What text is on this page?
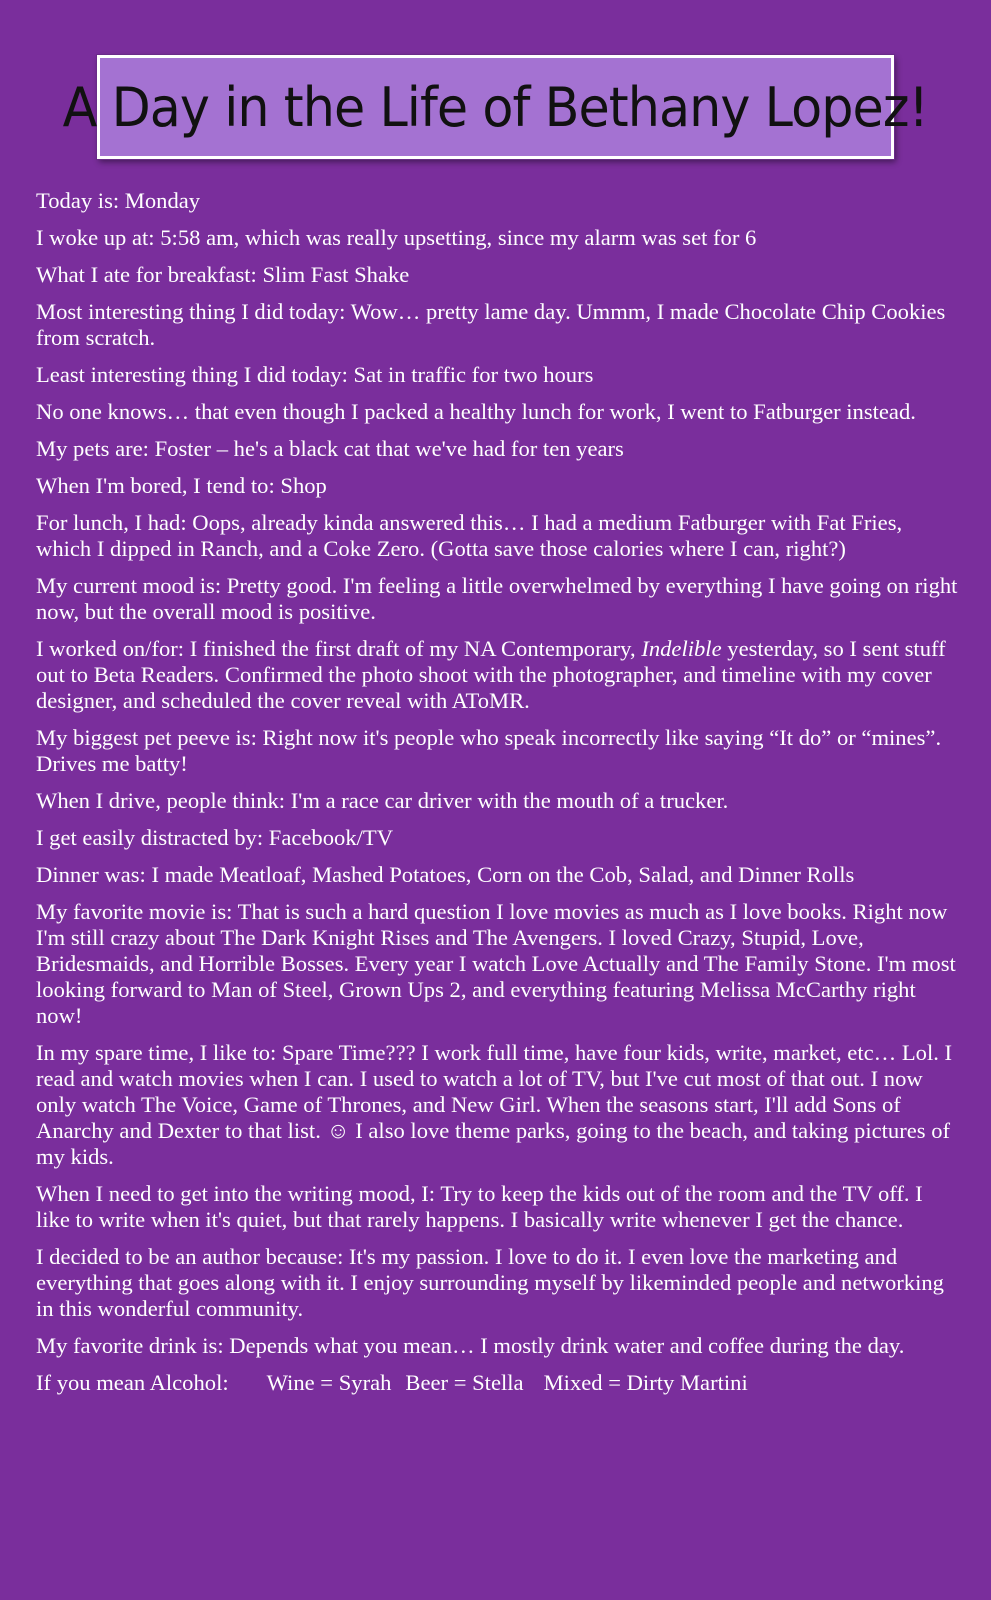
A Day in the Life of Bethany Lopez!

Today is: Monday

I woke up at: 5:58 am, which was really upsetting, since my alarm was set for 6

What I ate for breakfast: Slim Fast Shake

Most interesting thing I did today: Wow… pretty lame day. Ummm, I made Chocolate Chip Cookies from scratch.

Least interesting thing I did today: Sat in traffic for two hours

No one knows… that even though I packed a healthy lunch for work, I went to Fatburger instead.

My pets are: Foster – he's a black cat that we've had for ten years

When I'm bored, I tend to: Shop

For lunch, I had: Oops, already kinda answered this… I had a medium Fatburger with Fat Fries, which I dipped in Ranch, and a Coke Zero. (Gotta save those calories where I can, right?)

My current mood is: Pretty good. I'm feeling a little overwhelmed by everything I have going on right now, but the overall mood is positive.

I worked on/for: I finished the first draft of my NA Contemporary, Indelible yesterday, so I sent stuff out to Beta Readers. Confirmed the photo shoot with the photographer, and timeline with my cover designer, and scheduled the cover reveal with AToMR.

My biggest pet peeve is: Right now it's people who speak incorrectly like saying “It do” or “mines”. Drives me batty!

When I drive, people think: I'm a race car driver with the mouth of a trucker.

I get easily distracted by: Facebook/TV

Dinner was: I made Meatloaf, Mashed Potatoes, Corn on the Cob, Salad, and Dinner Rolls

My favorite movie is: That is such a hard question I love movies as much as I love books. Right now I'm still crazy about The Dark Knight Rises and The Avengers. I loved Crazy, Stupid, Love, Bridesmaids, and Horrible Bosses. Every year I watch Love Actually and The Family Stone. I'm most looking forward to Man of Steel, Grown Ups 2, and everything featuring Melissa McCarthy right now!

In my spare time, I like to: Spare Time??? I work full time, have four kids, write, market, etc… Lol. I read and watch movies when I can. I used to watch a lot of TV, but I've cut most of that out. I now only watch The Voice, Game of Thrones, and New Girl. When the seasons start, I'll add Sons of Anarchy and Dexter to that list. ☺ I also love theme parks, going to the beach, and taking pictures of my kids.

When I need to get into the writing mood, I: Try to keep the kids out of the room and the TV off. I like to write when it's quiet, but that rarely happens. I basically write whenever I get the chance.

I decided to be an author because: It's my passion. I love to do it. I even love the marketing and everything that goes along with it. I enjoy surrounding myself by likeminded people and networking in this wonderful community.

My favorite drink is: Depends what you mean… I mostly drink water and coffee during the day.

If you mean Alcohol: Wine = Syrah Beer = Stella Mixed = Dirty Martini
